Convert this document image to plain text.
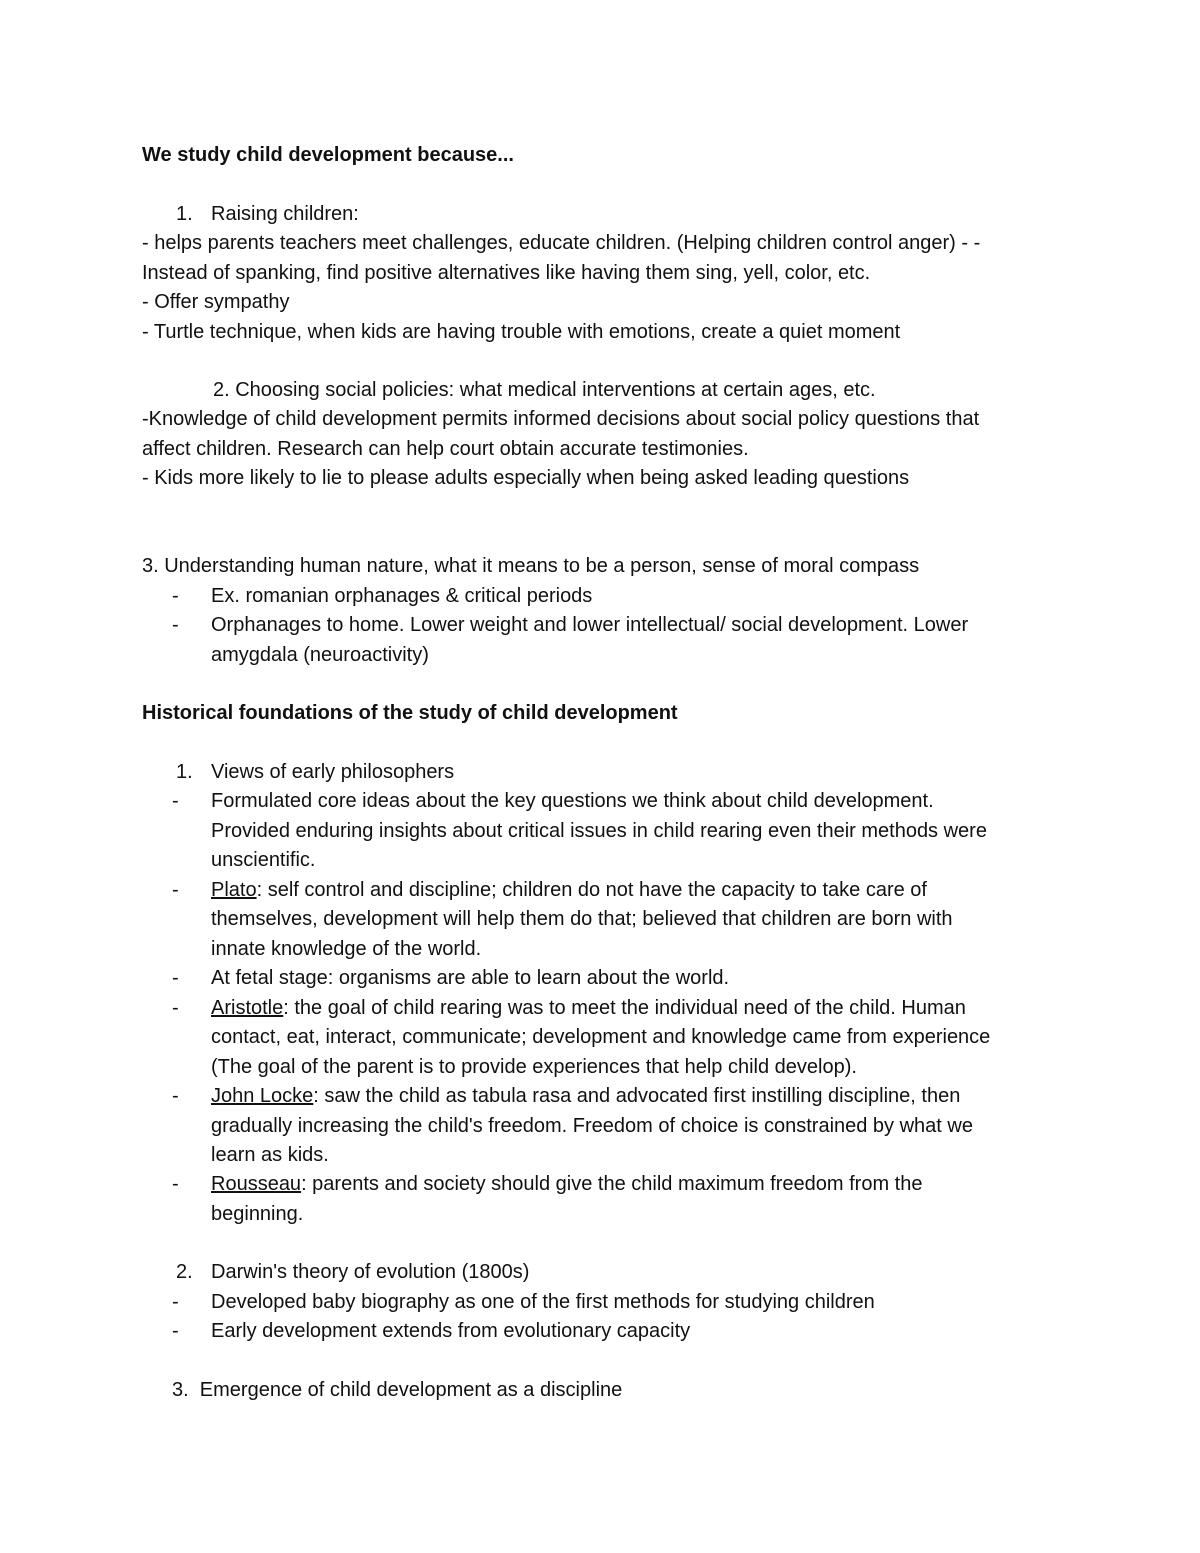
We study child development because...
1. Raising children:
- helps parents teachers meet challenges, educate children. (Helping children control anger) - -
Instead of spanking, find positive alternatives like having them sing, yell, color, etc.
- Offer sympathy
- Turtle technique, when kids are having trouble with emotions, create a quiet moment
2. Choosing social policies: what medical interventions at certain ages, etc.
-Knowledge of child development permits informed decisions about social policy questions that
affect children. Research can help court obtain accurate testimonies.
- Kids more likely to lie to please adults especially when being asked leading questions
3. Understanding human nature, what it means to be a person, sense of moral compass
- Ex. romanian orphanages & critical periods
- Orphanages to home. Lower weight and lower intellectual/ social development. Lower
amygdala (neuroactivity)
Historical foundations of the study of child development
1. Views of early philosophers
- Formulated core ideas about the key questions we think about child development.
Provided enduring insights about critical issues in child rearing even their methods were
unscientific.
- Plato: self control and discipline; children do not have the capacity to take care of
themselves, development will help them do that; believed that children are born with
innate knowledge of the world.
- At fetal stage: organisms are able to learn about the world.
- Aristotle: the goal of child rearing was to meet the individual need of the child. Human
contact, eat, interact, communicate; development and knowledge came from experience
(The goal of the parent is to provide experiences that help child develop).
- John Locke: saw the child as tabula rasa and advocated first instilling discipline, then
gradually increasing the child's freedom. Freedom of choice is constrained by what we
learn as kids.
- Rousseau: parents and society should give the child maximum freedom from the
beginning.
2. Darwin's theory of evolution (1800s)
- Developed baby biography as one of the first methods for studying children
- Early development extends from evolutionary capacity
3.  Emergence of child development as a discipline
